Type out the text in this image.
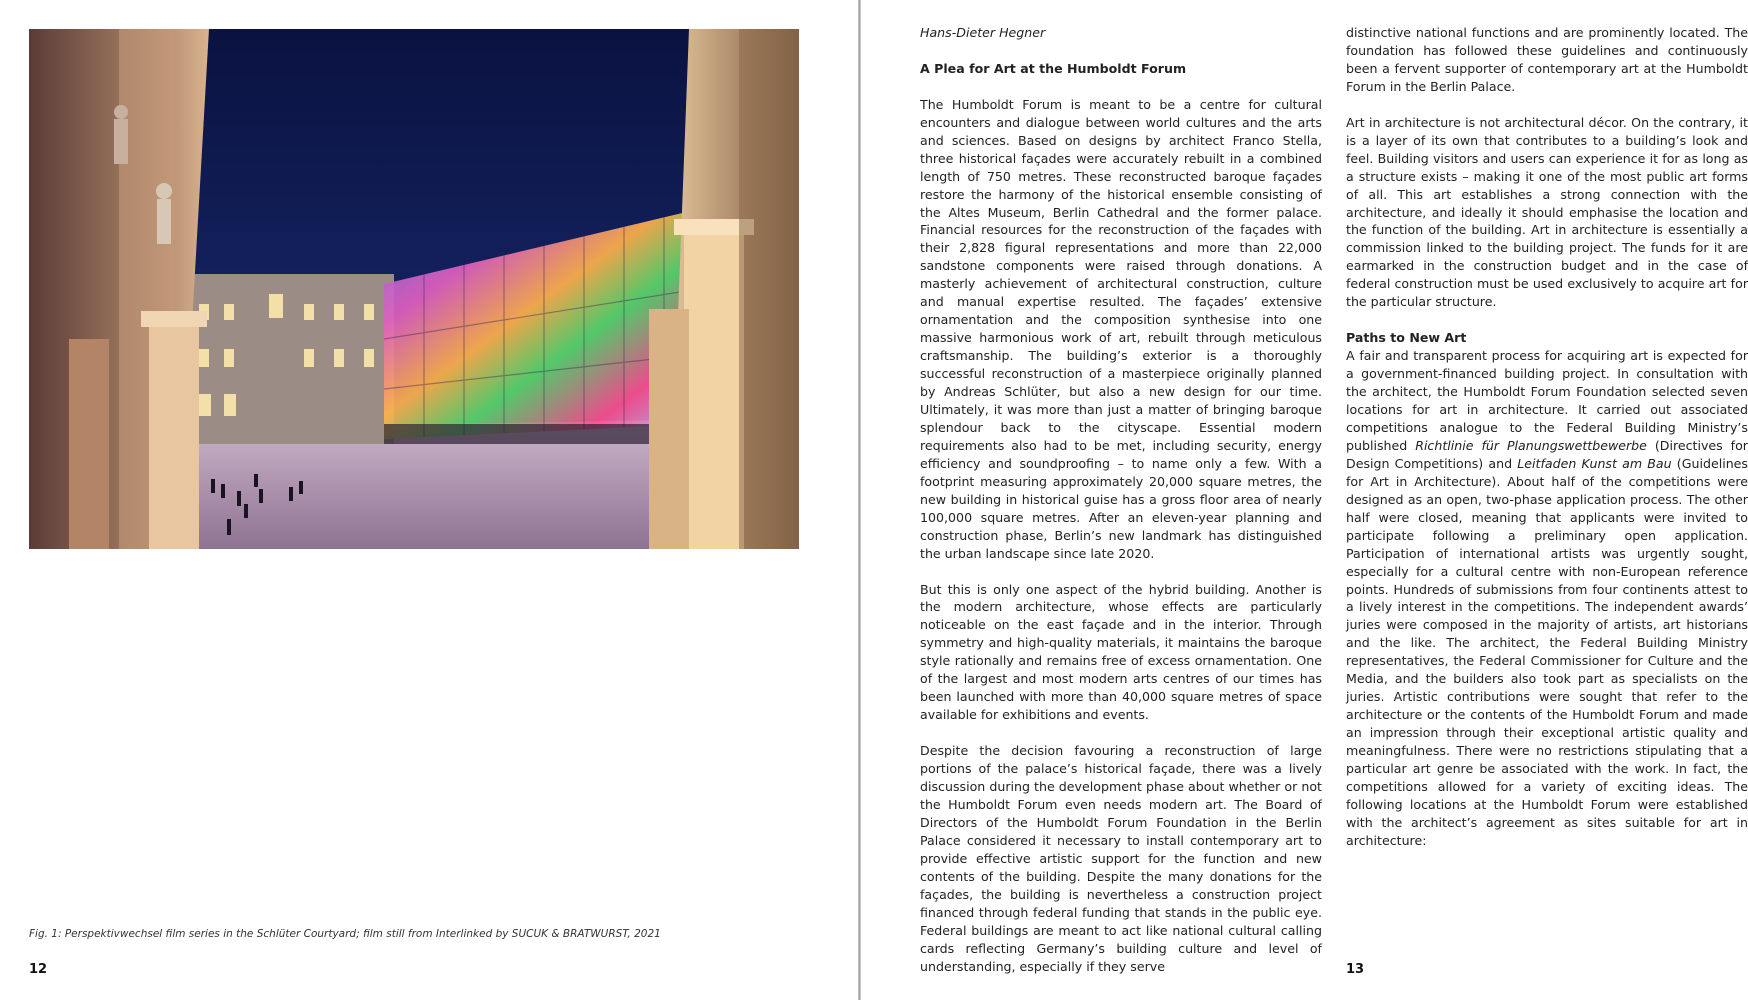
Fig. 1: Perspektivwechsel film series in the Schlüter Courtyard; film still from Interlinked by SUCUK & BRATWURST, 2021
12
Hans-Dieter Hegner
A Plea for Art at the Humboldt Forum

The Humboldt Forum is meant to be a centre for cultural encounters and dialogue between world cultures and the arts and sciences. Based on designs by architect Franco Stella, three historical façades were accurately rebuilt in a combined length of 750 metres. These reconstructed baroque façades restore the harmony of the historical ensemble consisting of the Altes Museum, Berlin Cathedral and the former palace. Financial resources for the reconstruction of the façades with their 2,828 figural representations and more than 22,000 sandstone components were raised through donations. A masterly achievement of architectural construction, culture and manual expertise resulted. The façades’ extensive ornamentation and the composition synthesise into one massive harmonious work of art, rebuilt through meticulous craftsmanship. The building’s exterior is a thoroughly successful reconstruction of a masterpiece originally planned by Andreas Schlüter, but also a new design for our time. Ultimately, it was more than just a matter of bringing baroque splendour back to the cityscape. Essential modern requirements also had to be met, including security, energy efficiency and soundproofing – to name only a few. With a footprint measuring approximately 20,000 square metres, the new building in historical guise has a gross floor area of nearly 100,000 square metres. After an eleven-year planning and construction phase, Berlin’s new landmark has distinguished the urban landscape since late 2020.

But this is only one aspect of the hybrid building. Another is the modern architecture, whose effects are particularly noticeable on the east façade and in the interior. Through symmetry and high-quality materials, it maintains the baroque style rationally and remains free of excess ornamentation. One of the largest and most modern arts centres of our times has been launched with more than 40,000 square metres of space available for exhibitions and events.

Despite the decision favouring a reconstruction of large portions of the palace’s historical façade, there was a lively discussion during the development phase about whether or not the Humboldt Forum even needs modern art. The Board of Directors of the Humboldt Forum Foundation in the Berlin Palace considered it necessary to install contemporary art to provide effective artistic support for the function and new contents of the building. Despite the many donations for the façades, the building is nevertheless a construction project financed through federal funding that stands in the public eye. Federal buildings are meant to act like national cultural calling cards reflecting Germany’s building culture and level of understanding, especially if they serve

distinctive national functions and are prominently located. The foundation has followed these guidelines and continuously been a fervent supporter of contemporary art at the Humboldt Forum in the Berlin Palace.

Art in architecture is not architectural décor. On the contrary, it is a layer of its own that contributes to a building’s look and feel. Building visitors and users can experience it for as long as a structure exists – making it one of the most public art forms of all. This art establishes a strong connection with the architecture, and ideally it should emphasise the location and the function of the building. Art in architecture is essentially a commission linked to the building project. The funds for it are earmarked in the construction budget and in the case of federal construction must be used exclusively to acquire art for the particular structure.

Paths to New Art

A fair and transparent process for acquiring art is expected for a government-financed building project. In consultation with the architect, the Humboldt Forum Foundation selected seven locations for art in architecture. It carried out associated competitions analogue to the Federal Building Ministry’s published Richtlinie für Planungswettbewerbe (Directives for Design Competitions) and Leitfaden Kunst am Bau (Guidelines for Art in Architecture). About half of the competitions were designed as an open, two-phase application process. The other half were closed, meaning that applicants were invited to participate following a preliminary open application. Participation of international artists was urgently sought, especially for a cultural centre with non-European reference points. Hundreds of submissions from four continents attest to a lively interest in the competitions. The independent awards’ juries were composed in the majority of artists, art historians and the like. The architect, the Federal Building Ministry representatives, the Federal Commissioner for Culture and the Media, and the builders also took part as specialists on the juries. Artistic contributions were sought that refer to the architecture or the contents of the Humboldt Forum and made an impression through their exceptional artistic quality and meaningfulness. There were no restrictions stipulating that a particular art genre be associated with the work. In fact, the competitions allowed for a variety of exciting ideas. The following locations at the Humboldt Forum were established with the architect’s agreement as sites suitable for art in architecture:

13
